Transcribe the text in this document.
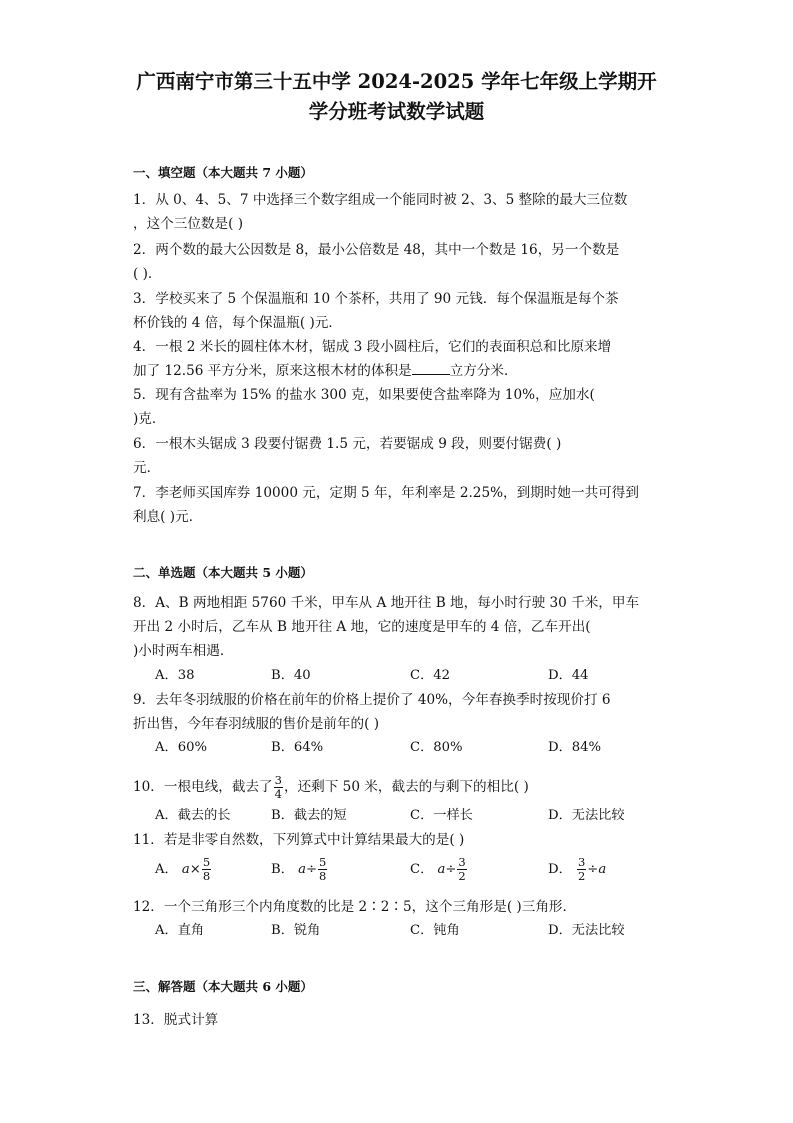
广西南宁市第三十五中学 2024-2025 学年七年级上学期开
学分班考试数学试题
一、填空题（本大题共 7 小题）
1．从 0、4、5、7 中选择三个数字组成一个能同时被 2、3、5 整除的最大三位数
，这个三位数是( )
2．两个数的最大公因数是 8，最小公倍数是 48，其中一个数是 16，另一个数是
( )．
3．学校买来了 5 个保温瓶和 10 个茶杯，共用了 90 元钱．每个保温瓶是每个茶
杯价钱的 4 倍，每个保温瓶( )元．
4．一根 2 米长的圆柱体木材，锯成 3 段小圆柱后，它们的表面积总和比原来增
加了 12.56 平方分米，原来这根木材的体积是	立方分米．
5．现有含盐率为 15% 的盐水 300 克，如果要使含盐率降为 10%，应加水(
)克．
6．一根木头锯成 3 段要付锯费 1.5 元，若要锯成 9 段，则要付锯费( )
元．
7．李老师买国库券 10000 元，定期 5 年，年利率是 2.25%，到期时她一共可得到
利息( )元．
二、单选题（本大题共 5 小题）
8．A、B 两地相距 5760 千米，甲车从 A 地开往 B 地，每小时行驶 30 千米，甲车
开出 2 小时后，乙车从 B 地开往 A 地，它的速度是甲车的 4 倍，乙车开出(
)小时两车相遇．
A．38	B．40	C．42	D．44
9．去年冬羽绒服的价格在前年的价格上提价了 40%，今年春换季时按现价打 6
折出售，今年春羽绒服的售价是前年的( )
A．60%	B．64%	C．80%	D．84%
10．一根电线，截去了 $\frac{3}{4}$ ，还剩下 50 米，截去的与剩下的相比( )
A．截去的长	B．截去的短	C．一样长	D．无法比较
11．若是非零自然数，下列算式中计算结果最大的是( )
A． $a\times \frac{5}{8}$	B． $a\div \frac{5}{8}$	C． $a\div \frac{3}{2}$	D． $\frac{3}{2} \div a$
12．一个三角形三个内角度数的比是 2∶2∶5，这个三角形是( )三角形．
A．直角	B．锐角	C．钝角	D．无法比较
三、解答题（本大题共 6 小题）
13．脱式计算
